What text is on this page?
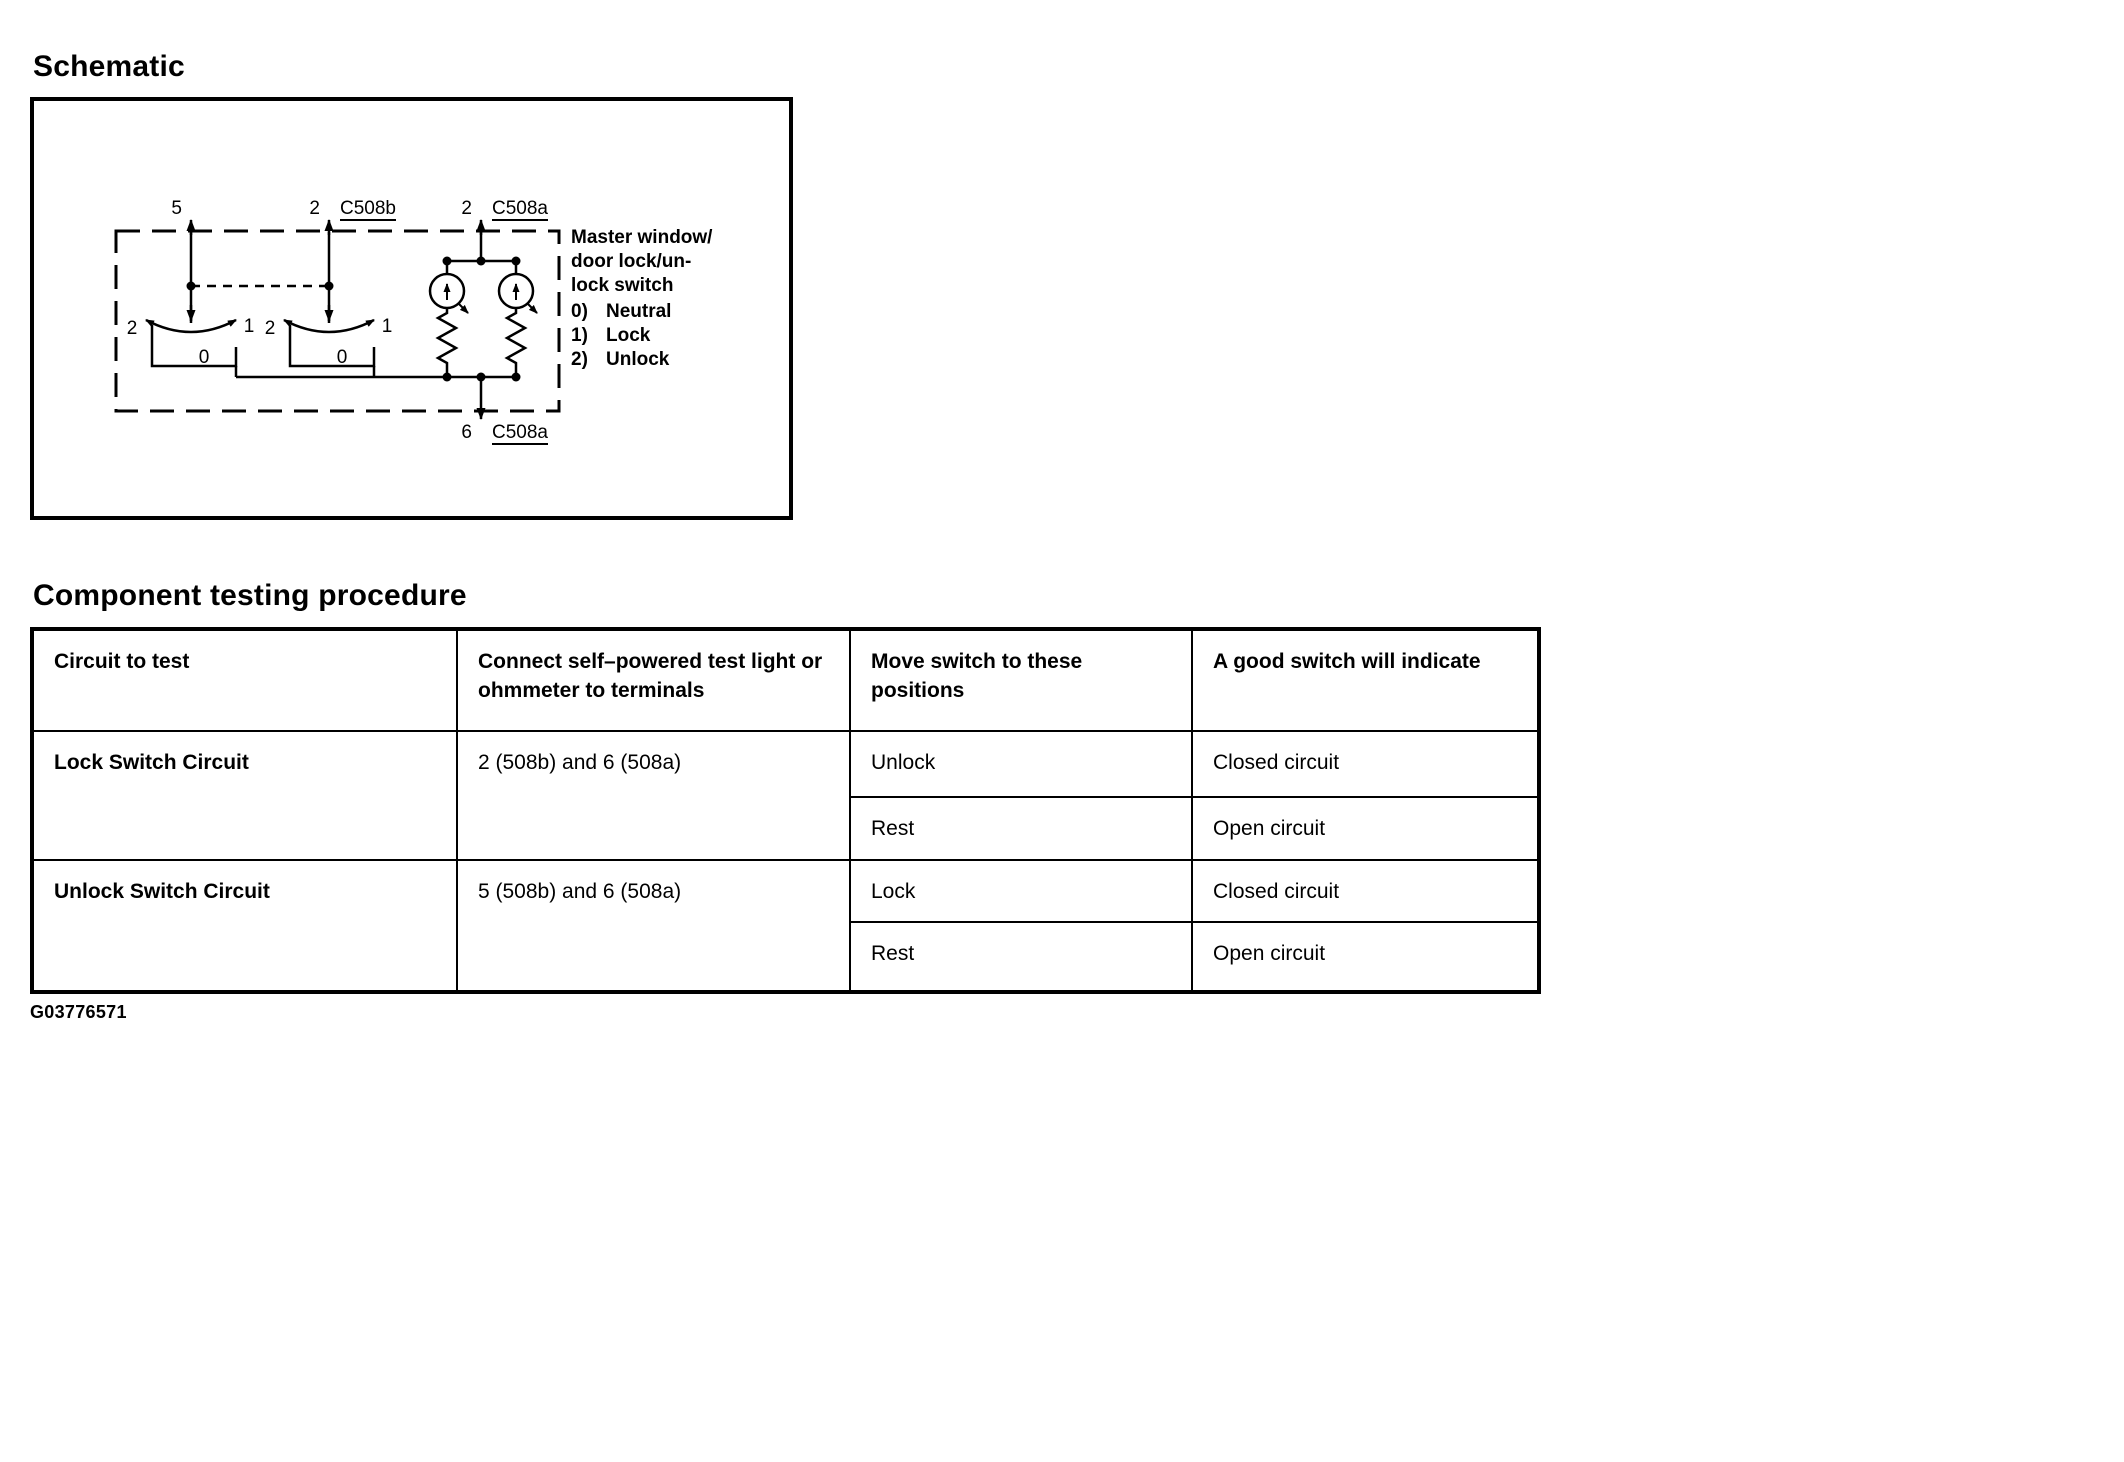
Schematic
5	2 C508b	2 C508a
2	1
0
2	1
0
6 C508a
Master window/
door lock/un-
lock switch
0) Neutral
1) Lock
2) Unlock
Component testing procedure
Circuit to test	Connect self–powered test light or ohmmeter to terminals	Move switch to these positions	A good switch will indicate
Lock Switch Circuit	2 (508b) and 6 (508a)	Unlock	Closed circuit
		Rest	Open circuit
Unlock Switch Circuit	5 (508b) and 6 (508a)	Lock	Closed circuit
		Rest	Open circuit
G03776571
